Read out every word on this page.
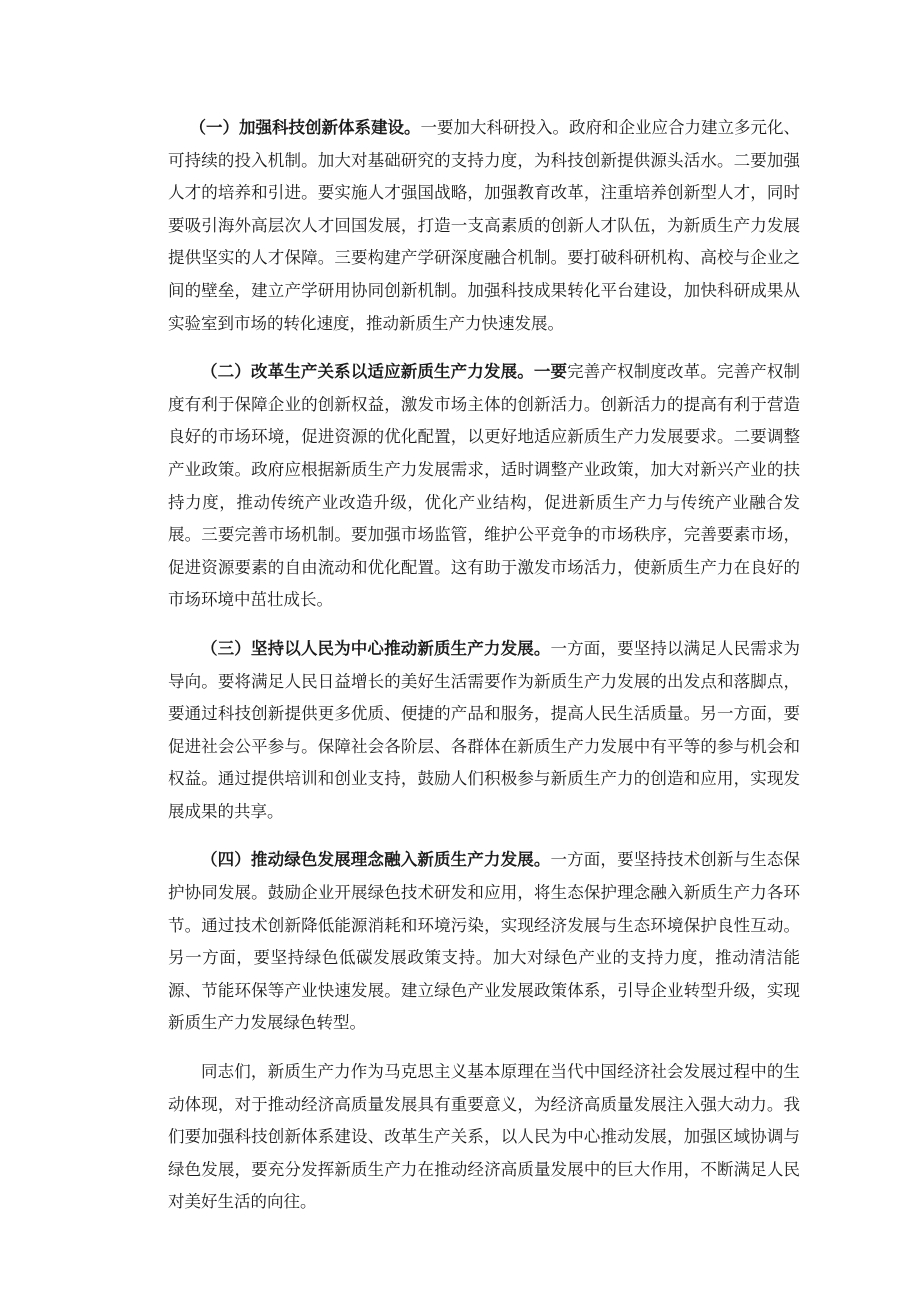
（一）加强科技创新体系建设。一要加大科研投入。政府和企业应合力建立多元化、可持续的投入机制。加大对基础研究的支持力度，为科技创新提供源头活水。二要加强人才的培养和引进。要实施人才强国战略，加强教育改革，注重培养创新型人才，同时要吸引海外高层次人才回国发展，打造一支高素质的创新人才队伍，为新质生产力发展提供坚实的人才保障。三要构建产学研深度融合机制。要打破科研机构、高校与企业之间的壁垒，建立产学研用协同创新机制。加强科技成果转化平台建设，加快科研成果从实验室到市场的转化速度，推动新质生产力快速发展。

（二）改革生产关系以适应新质生产力发展。一要完善产权制度改革。完善产权制度有利于保障企业的创新权益，激发市场主体的创新活力。创新活力的提高有利于营造良好的市场环境，促进资源的优化配置，以更好地适应新质生产力发展要求。二要调整产业政策。政府应根据新质生产力发展需求，适时调整产业政策，加大对新兴产业的扶持力度，推动传统产业改造升级，优化产业结构，促进新质生产力与传统产业融合发展。三要完善市场机制。要加强市场监管，维护公平竞争的市场秩序，完善要素市场，促进资源要素的自由流动和优化配置。这有助于激发市场活力，使新质生产力在良好的市场环境中茁壮成长。

（三）坚持以人民为中心推动新质生产力发展。一方面，要坚持以满足人民需求为导向。要将满足人民日益增长的美好生活需要作为新质生产力发展的出发点和落脚点，要通过科技创新提供更多优质、便捷的产品和服务，提高人民生活质量。另一方面，要促进社会公平参与。保障社会各阶层、各群体在新质生产力发展中有平等的参与机会和权益。通过提供培训和创业支持，鼓励人们积极参与新质生产力的创造和应用，实现发展成果的共享。

（四）推动绿色发展理念融入新质生产力发展。一方面，要坚持技术创新与生态保护协同发展。鼓励企业开展绿色技术研发和应用，将生态保护理念融入新质生产力各环节。通过技术创新降低能源消耗和环境污染，实现经济发展与生态环境保护良性互动。另一方面，要坚持绿色低碳发展政策支持。加大对绿色产业的支持力度，推动清洁能源、节能环保等产业快速发展。建立绿色产业发展政策体系，引导企业转型升级，实现新质生产力发展绿色转型。

同志们，新质生产力作为马克思主义基本原理在当代中国经济社会发展过程中的生动体现，对于推动经济高质量发展具有重要意义，为经济高质量发展注入强大动力。我们要加强科技创新体系建设、改革生产关系，以人民为中心推动发展，加强区域协调与绿色发展，要充分发挥新质生产力在推动经济高质量发展中的巨大作用，不断满足人民对美好生活的向往。
